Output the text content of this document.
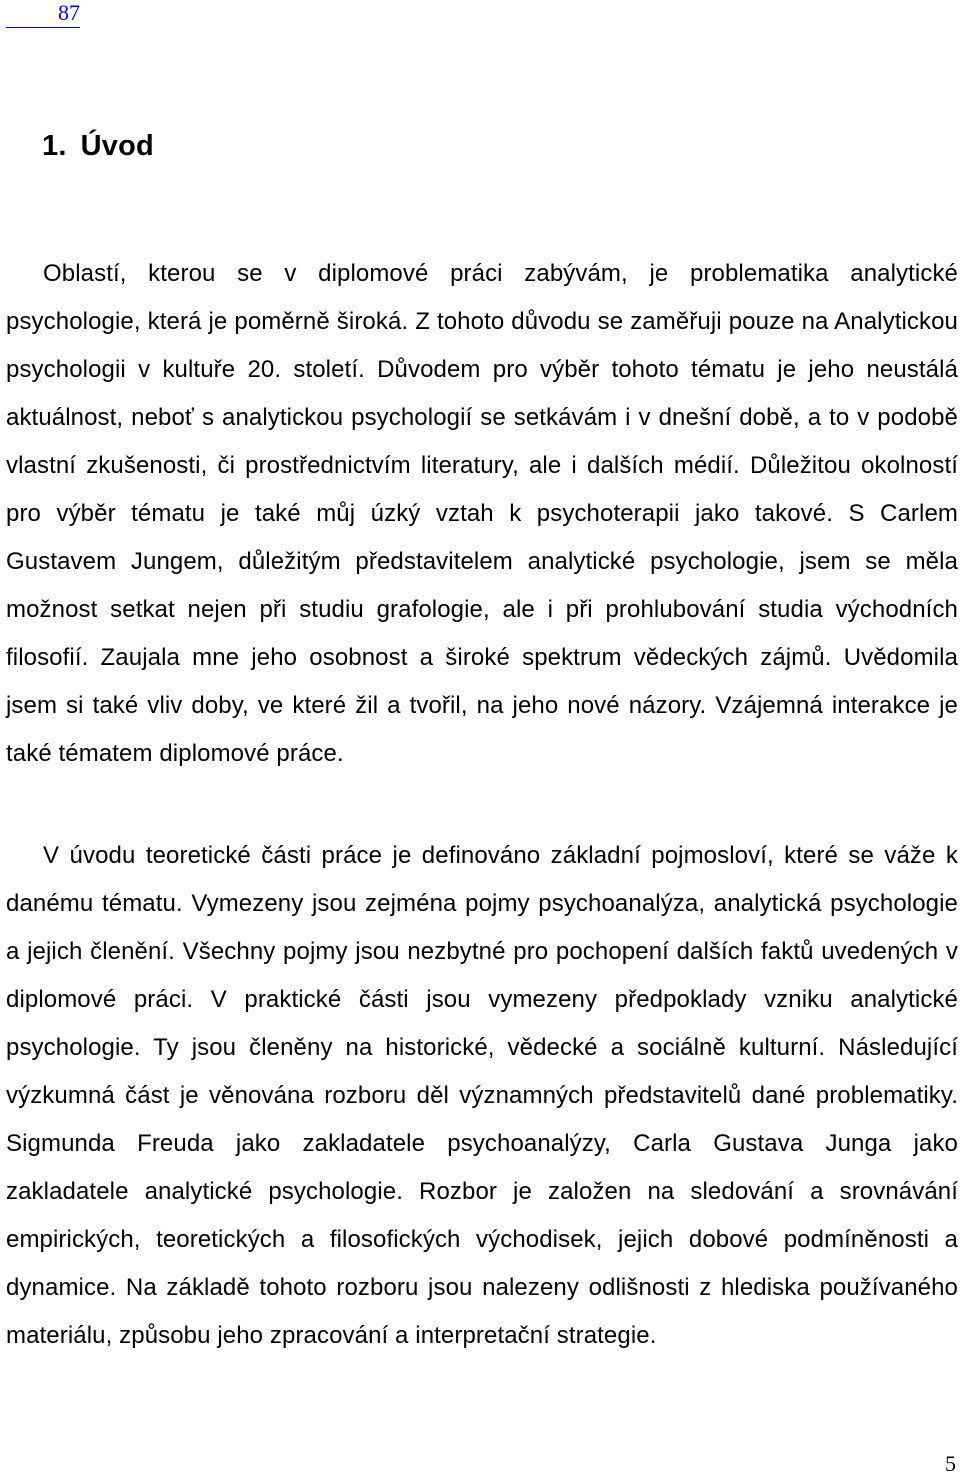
87
1. Úvod

Oblastí, kterou se v diplomové práci zabývám, je problematika analytické psychologie, která je poměrně široká. Z tohoto důvodu se zaměřuji pouze na Analytickou psychologii v kultuře 20. století. Důvodem pro výběr tohoto tématu je jeho neustálá aktuálnost, neboť s analytickou psychologií se setkávám i v dnešní době, a to v podobě vlastní zkušenosti, či prostřednictvím literatury, ale i dalších médií. Důležitou okolností pro výběr tématu je také můj úzký vztah k psychoterapii jako takové. S Carlem Gustavem Jungem, důležitým představitelem analytické psychologie, jsem se měla možnost setkat nejen při studiu grafologie, ale i při prohlubování studia východních filosofií. Zaujala mne jeho osobnost a široké spektrum vědeckých zájmů. Uvědomila jsem si také vliv doby, ve které žil a tvořil, na jeho nové názory. Vzájemná interakce je také tématem diplomové práce.

V úvodu teoretické části práce je definováno základní pojmosloví, které se váže k danému tématu. Vymezeny jsou zejména pojmy psychoanalýza, analytická psychologie a jejich členění. Všechny pojmy jsou nezbytné pro pochopení dalších faktů uvedených v diplomové práci. V praktické části jsou vymezeny předpoklady vzniku analytické psychologie. Ty jsou členěny na historické, vědecké a sociálně kulturní. Následující výzkumná část je věnována rozboru děl významných představitelů dané problematiky. Sigmunda Freuda jako zakladatele psychoanalýzy, Carla Gustava Junga jako zakladatele analytické psychologie. Rozbor je založen na sledování a srovnávání empirických, teoretických a filosofických východisek, jejich dobové podmíněnosti a dynamice. Na základě tohoto rozboru jsou nalezeny odlišnosti z hlediska používaného materiálu, způsobu jeho zpracování a interpretační strategie.

5
